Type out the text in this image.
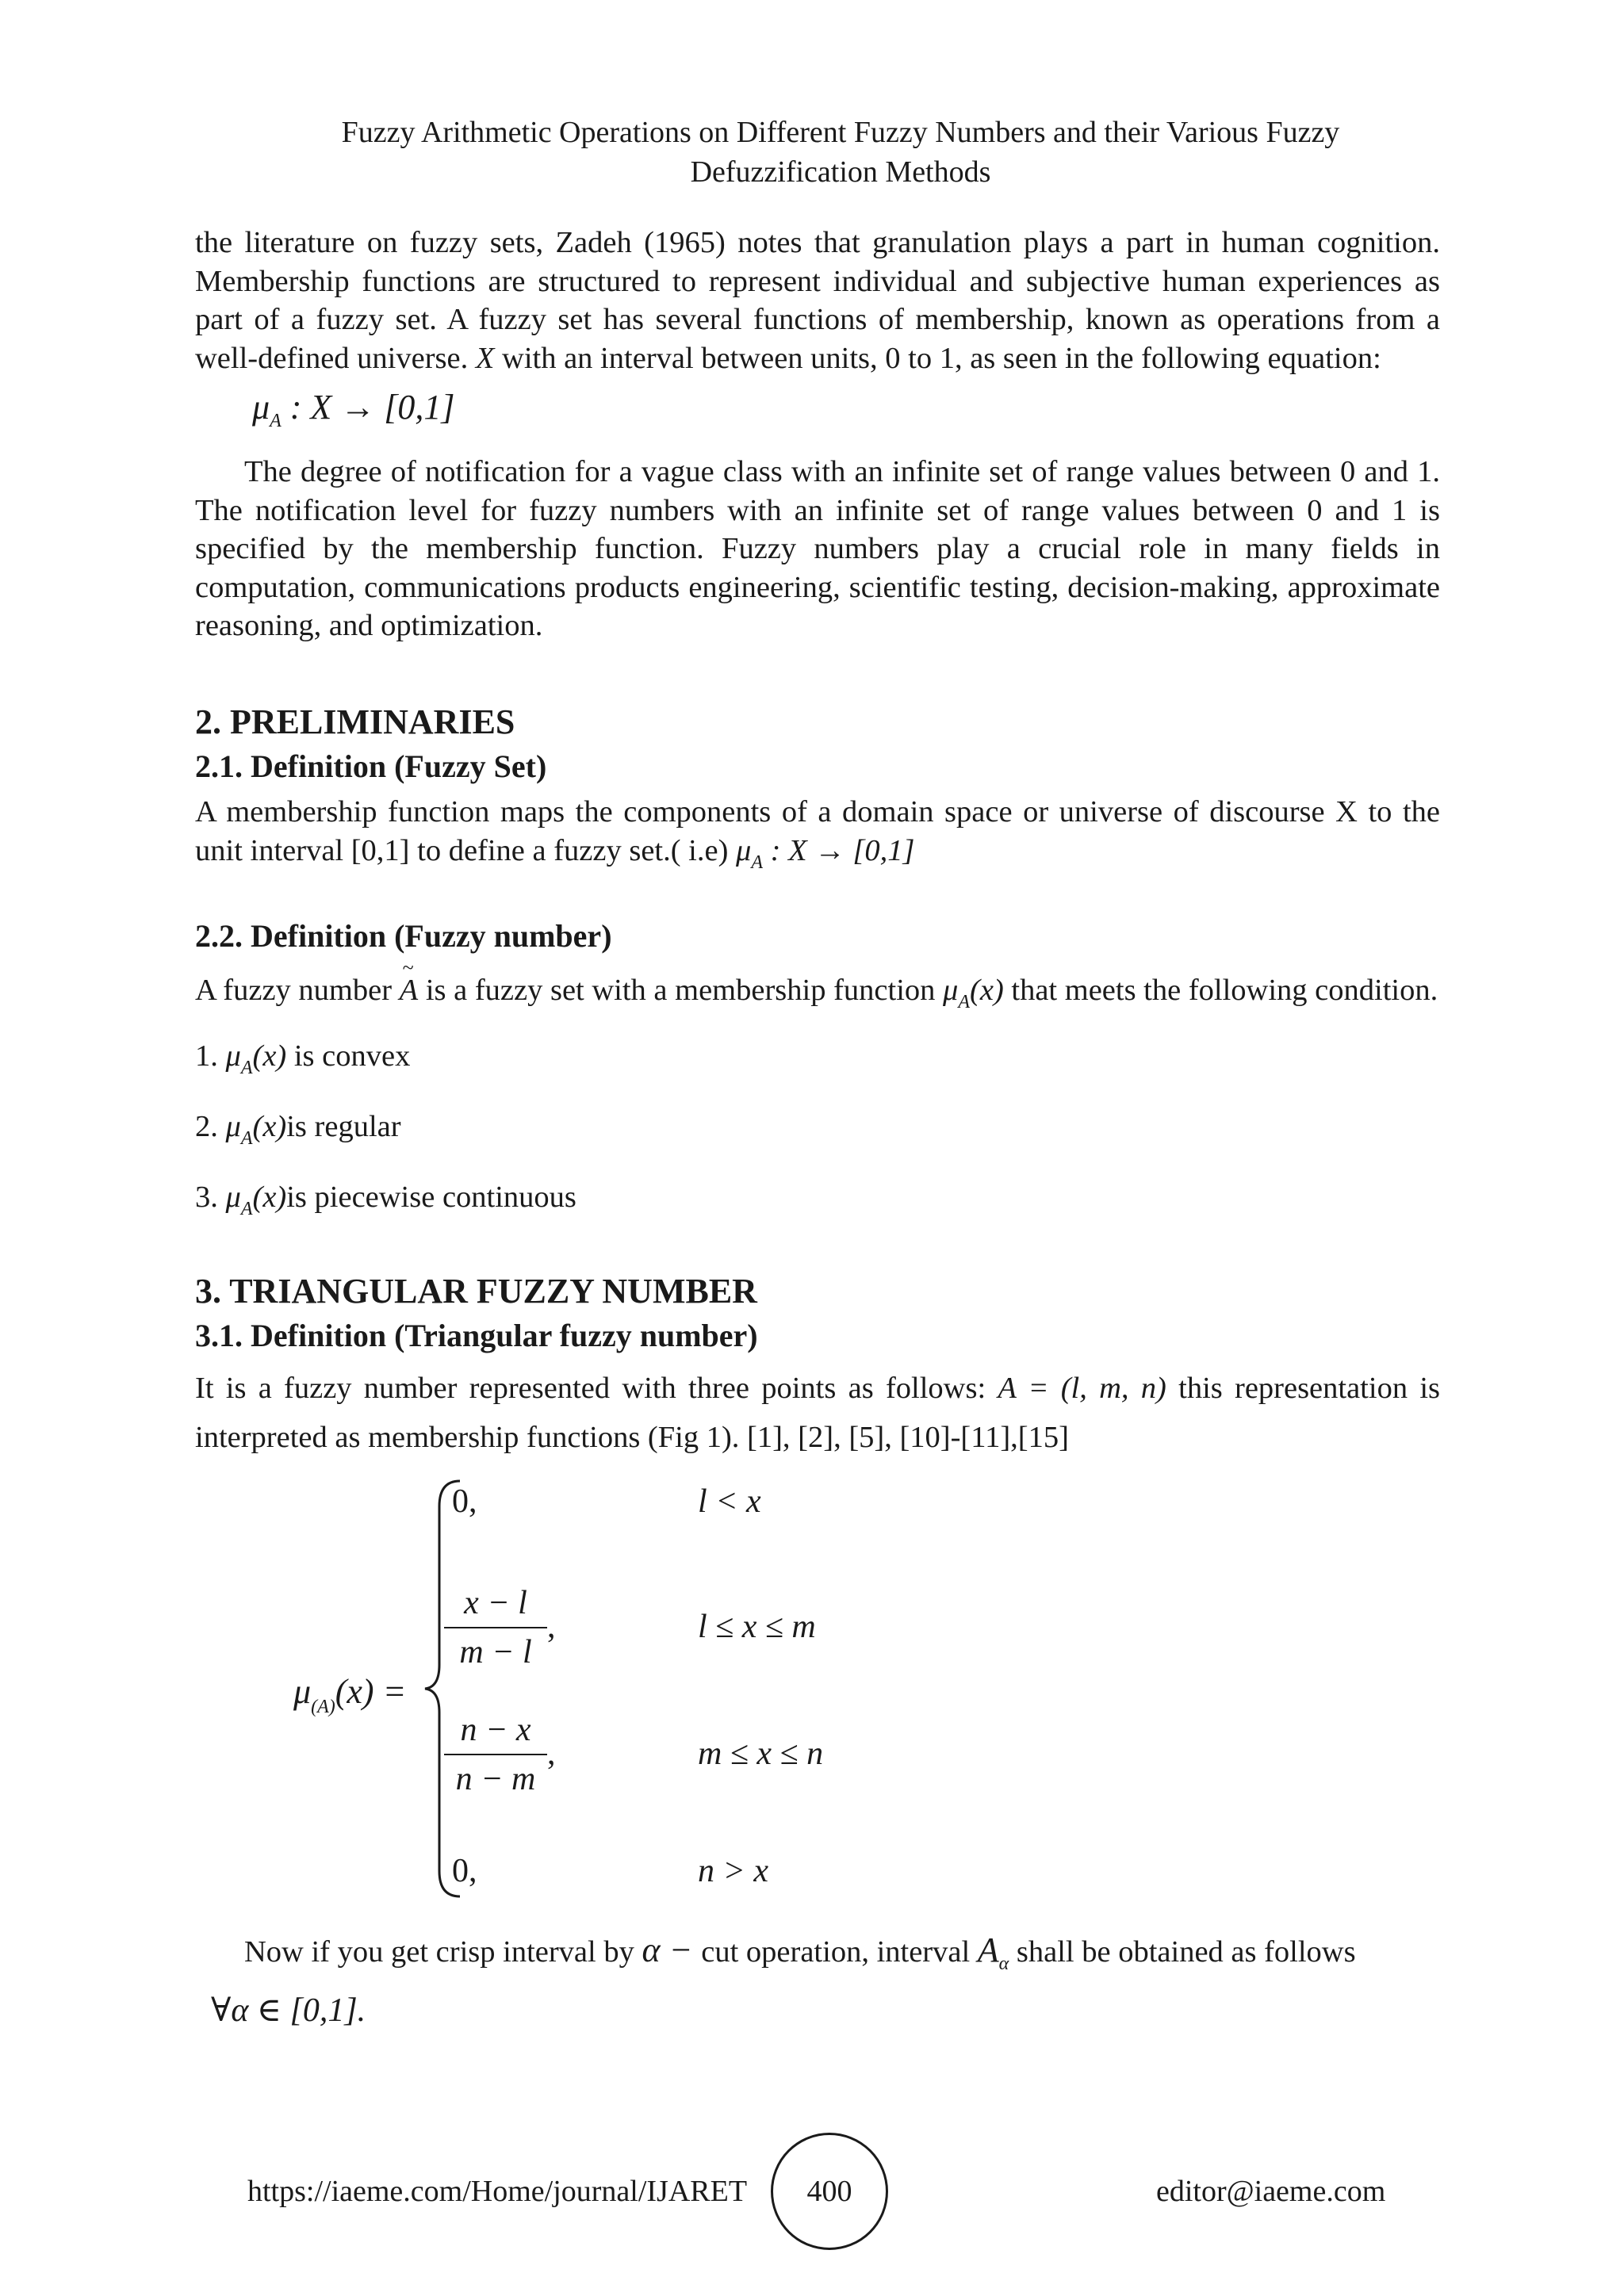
Fuzzy Arithmetic Operations on Different Fuzzy Numbers and their Various Fuzzy
Defuzzification Methods

the literature on fuzzy sets, Zadeh (1965) notes that granulation plays a part in human cognition. Membership functions are structured to represent individual and subjective human experiences as part of a fuzzy set. A fuzzy set has several functions of membership, known as operations from a well-defined universe. X with an interval between units, 0 to 1, as seen in the following equation:

$\mu_A$ : X → [0,1]

The degree of notification for a vague class with an infinite set of range values between 0 and 1. The notification level for fuzzy numbers with an infinite set of range values between 0 and 1 is specified by the membership function. Fuzzy numbers play a crucial role in many fields in computation, communications products engineering, scientific testing, decision-making, approximate reasoning, and optimization.

2. PRELIMINARIES
2.1. Definition (Fuzzy Set)

A membership function maps the components of a domain space or universe of discourse X to the unit interval [0,1] to define a fuzzy set.( i.e) $\mu_A$ : X → [0,1]

2.2. Definition (Fuzzy number)

A fuzzy number ~ A is a fuzzy set with a membership function $\mu_A(x)$ that meets the following condition.

1. $\mu_A(x)$ is convex
2. $\mu_A(x)is$ regular
3. $\mu_A(x)is$ piecewise continuous
3. TRIANGULAR FUZZY NUMBER
3.1. Definition (Triangular fuzzy number)

It is a fuzzy number represented with three points as follows: A = (l, m, n) this representation is interpreted as membership functions (Fig 1). [1], [2], [5], [10]-[11],[15]

$\mu_{(A)}(x)$ =
0,	l < x
$\frac{x - l}{m - l}$ ,	l ≤ x ≤ m
$\frac{n - x}{n - m}$ ,	m ≤ x ≤ n
0,	n > x

Now if you get crisp interval by α − cut operation, interval $A_\alpha$ shall be obtained as follows

∀α ∈ [0,1].
https://iaeme.com/Home/journal/IJARET 400	editor@iaeme.com
